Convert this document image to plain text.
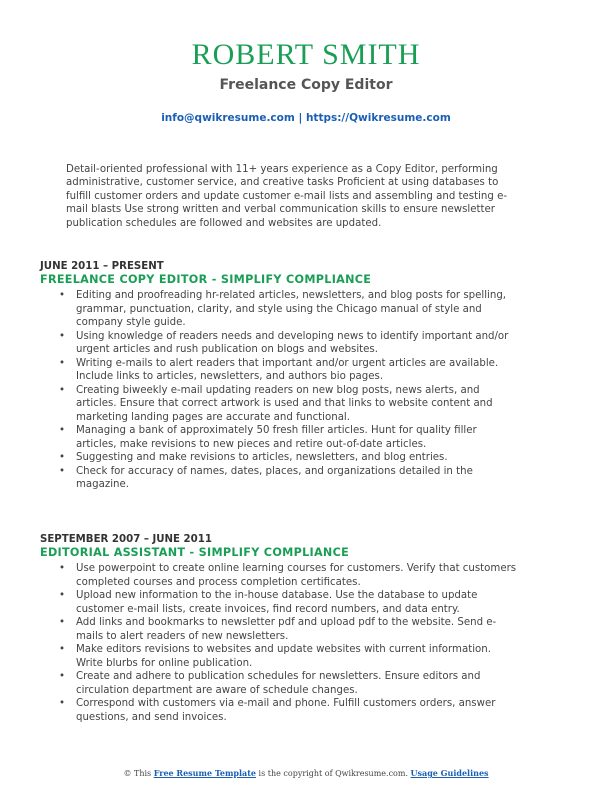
ROBERT SMITH
Freelance Copy Editor
info@qwikresume.com | https://Qwikresume.com
Detail-oriented professional with 11+ years experience as a Copy Editor, performing administrative, customer service, and creative tasks Proficient at using databases to fulfill customer orders and update customer e-mail lists and assembling and testing e-mail blasts Use strong written and verbal communication skills to ensure newsletter publication schedules are followed and websites are updated.
JUNE 2011 – PRESENT
FREELANCE COPY EDITOR - SIMPLIFY COMPLIANCE
• Editing and proofreading hr-related articles, newsletters, and blog posts for spelling, grammar, punctuation, clarity, and style using the Chicago manual of style and company style guide.
• Using knowledge of readers needs and developing news to identify important and/or urgent articles and rush publication on blogs and websites.
• Writing e-mails to alert readers that important and/or urgent articles are available. Include links to articles, newsletters, and authors bio pages.
• Creating biweekly e-mail updating readers on new blog posts, news alerts, and articles. Ensure that correct artwork is used and that links to website content and marketing landing pages are accurate and functional.
• Managing a bank of approximately 50 fresh filler articles. Hunt for quality filler articles, make revisions to new pieces and retire out-of-date articles.
• Suggesting and make revisions to articles, newsletters, and blog entries.
• Check for accuracy of names, dates, places, and organizations detailed in the magazine.
SEPTEMBER 2007 – JUNE 2011
EDITORIAL ASSISTANT - SIMPLIFY COMPLIANCE
• Use powerpoint to create online learning courses for customers. Verify that customers completed courses and process completion certificates.
• Upload new information to the in-house database. Use the database to update customer e-mail lists, create invoices, find record numbers, and data entry.
• Add links and bookmarks to newsletter pdf and upload pdf to the website. Send e-mails to alert readers of new newsletters.
• Make editors revisions to websites and update websites with current information. Write blurbs for online publication.
• Create and adhere to publication schedules for newsletters. Ensure editors and circulation department are aware of schedule changes.
• Correspond with customers via e-mail and phone. Fulfill customers orders, answer questions, and send invoices.
© This Free Resume Template is the copyright of Qwikresume.com. Usage Guidelines
